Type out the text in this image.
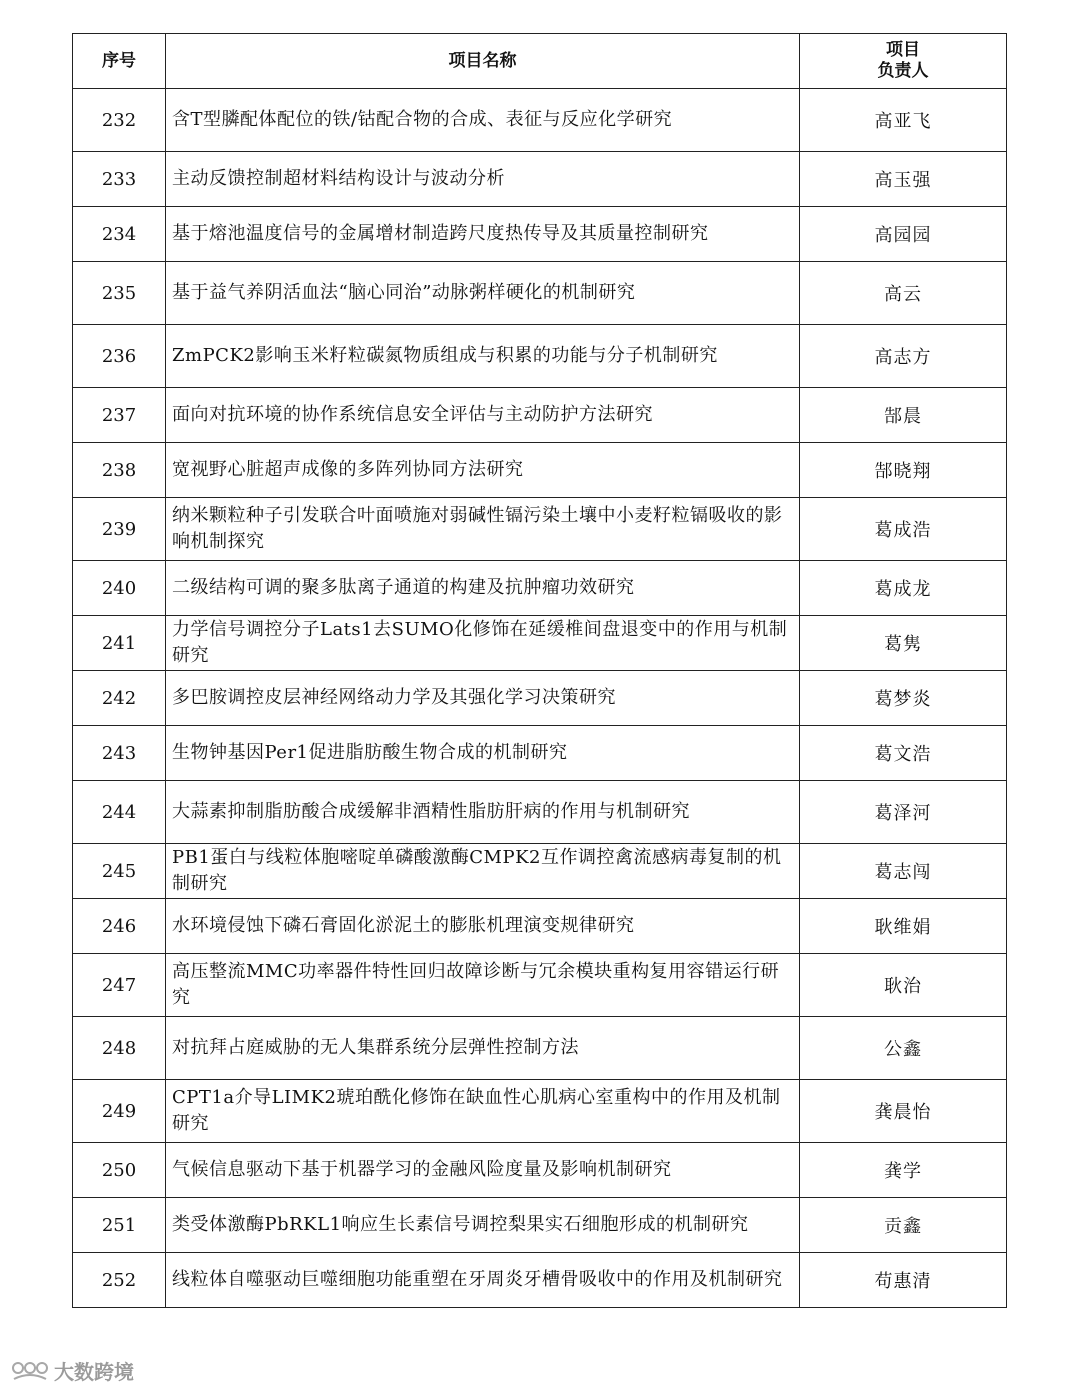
序号	项目名称	项目
负责人

232	含T型膦配体配位的铁/钴配合物的合成、表征与反应化学研究	高亚飞
233	主动反馈控制超材料结构设计与波动分析	高玉强
234	基于熔池温度信号的金属增材制造跨尺度热传导及其质量控制研究	高园园
235	基于益气养阴活血法“脑心同治”动脉粥样硬化的机制研究	高云
236	ZmPCK2影响玉米籽粒碳氮物质组成与积累的功能与分子机制研究	高志方
237	面向对抗环境的协作系统信息安全评估与主动防护方法研究	郜晨
238	宽视野心脏超声成像的多阵列协同方法研究	郜晓翔
239	纳米颗粒种子引发联合叶面喷施对弱碱性镉污染土壤中小麦籽粒镉吸收的影响机制探究	葛成浩
240	二级结构可调的聚多肽离子通道的构建及抗肿瘤功效研究	葛成龙
241	力学信号调控分子Lats1去SUMO化修饰在延缓椎间盘退变中的作用与机制研究	葛隽
242	多巴胺调控皮层神经网络动力学及其强化学习决策研究	葛梦炎
243	生物钟基因Per1促进脂肪酸生物合成的机制研究	葛文浩
244	大蒜素抑制脂肪酸合成缓解非酒精性脂肪肝病的作用与机制研究	葛泽河
245	PB1蛋白与线粒体胞嘧啶单磷酸激酶CMPK2互作调控禽流感病毒复制的机制研究	葛志闯
246	水环境侵蚀下磷石膏固化淤泥土的膨胀机理演变规律研究	耿维娟
247	高压整流MMC功率器件特性回归故障诊断与冗余模块重构复用容错运行研究	耿治
248	对抗拜占庭威胁的无人集群系统分层弹性控制方法	公鑫
249	CPT1a介导LIMK2琥珀酰化修饰在缺血性心肌病心室重构中的作用及机制研究	龚晨怡
250	气候信息驱动下基于机器学习的金融风险度量及影响机制研究	龚学
251	类受体激酶PbRKL1响应生长素信号调控梨果实石细胞形成的机制研究	贡鑫
252	线粒体自噬驱动巨噬细胞功能重塑在牙周炎牙槽骨吸收中的作用及机制研究	苟惠清
大数跨境
